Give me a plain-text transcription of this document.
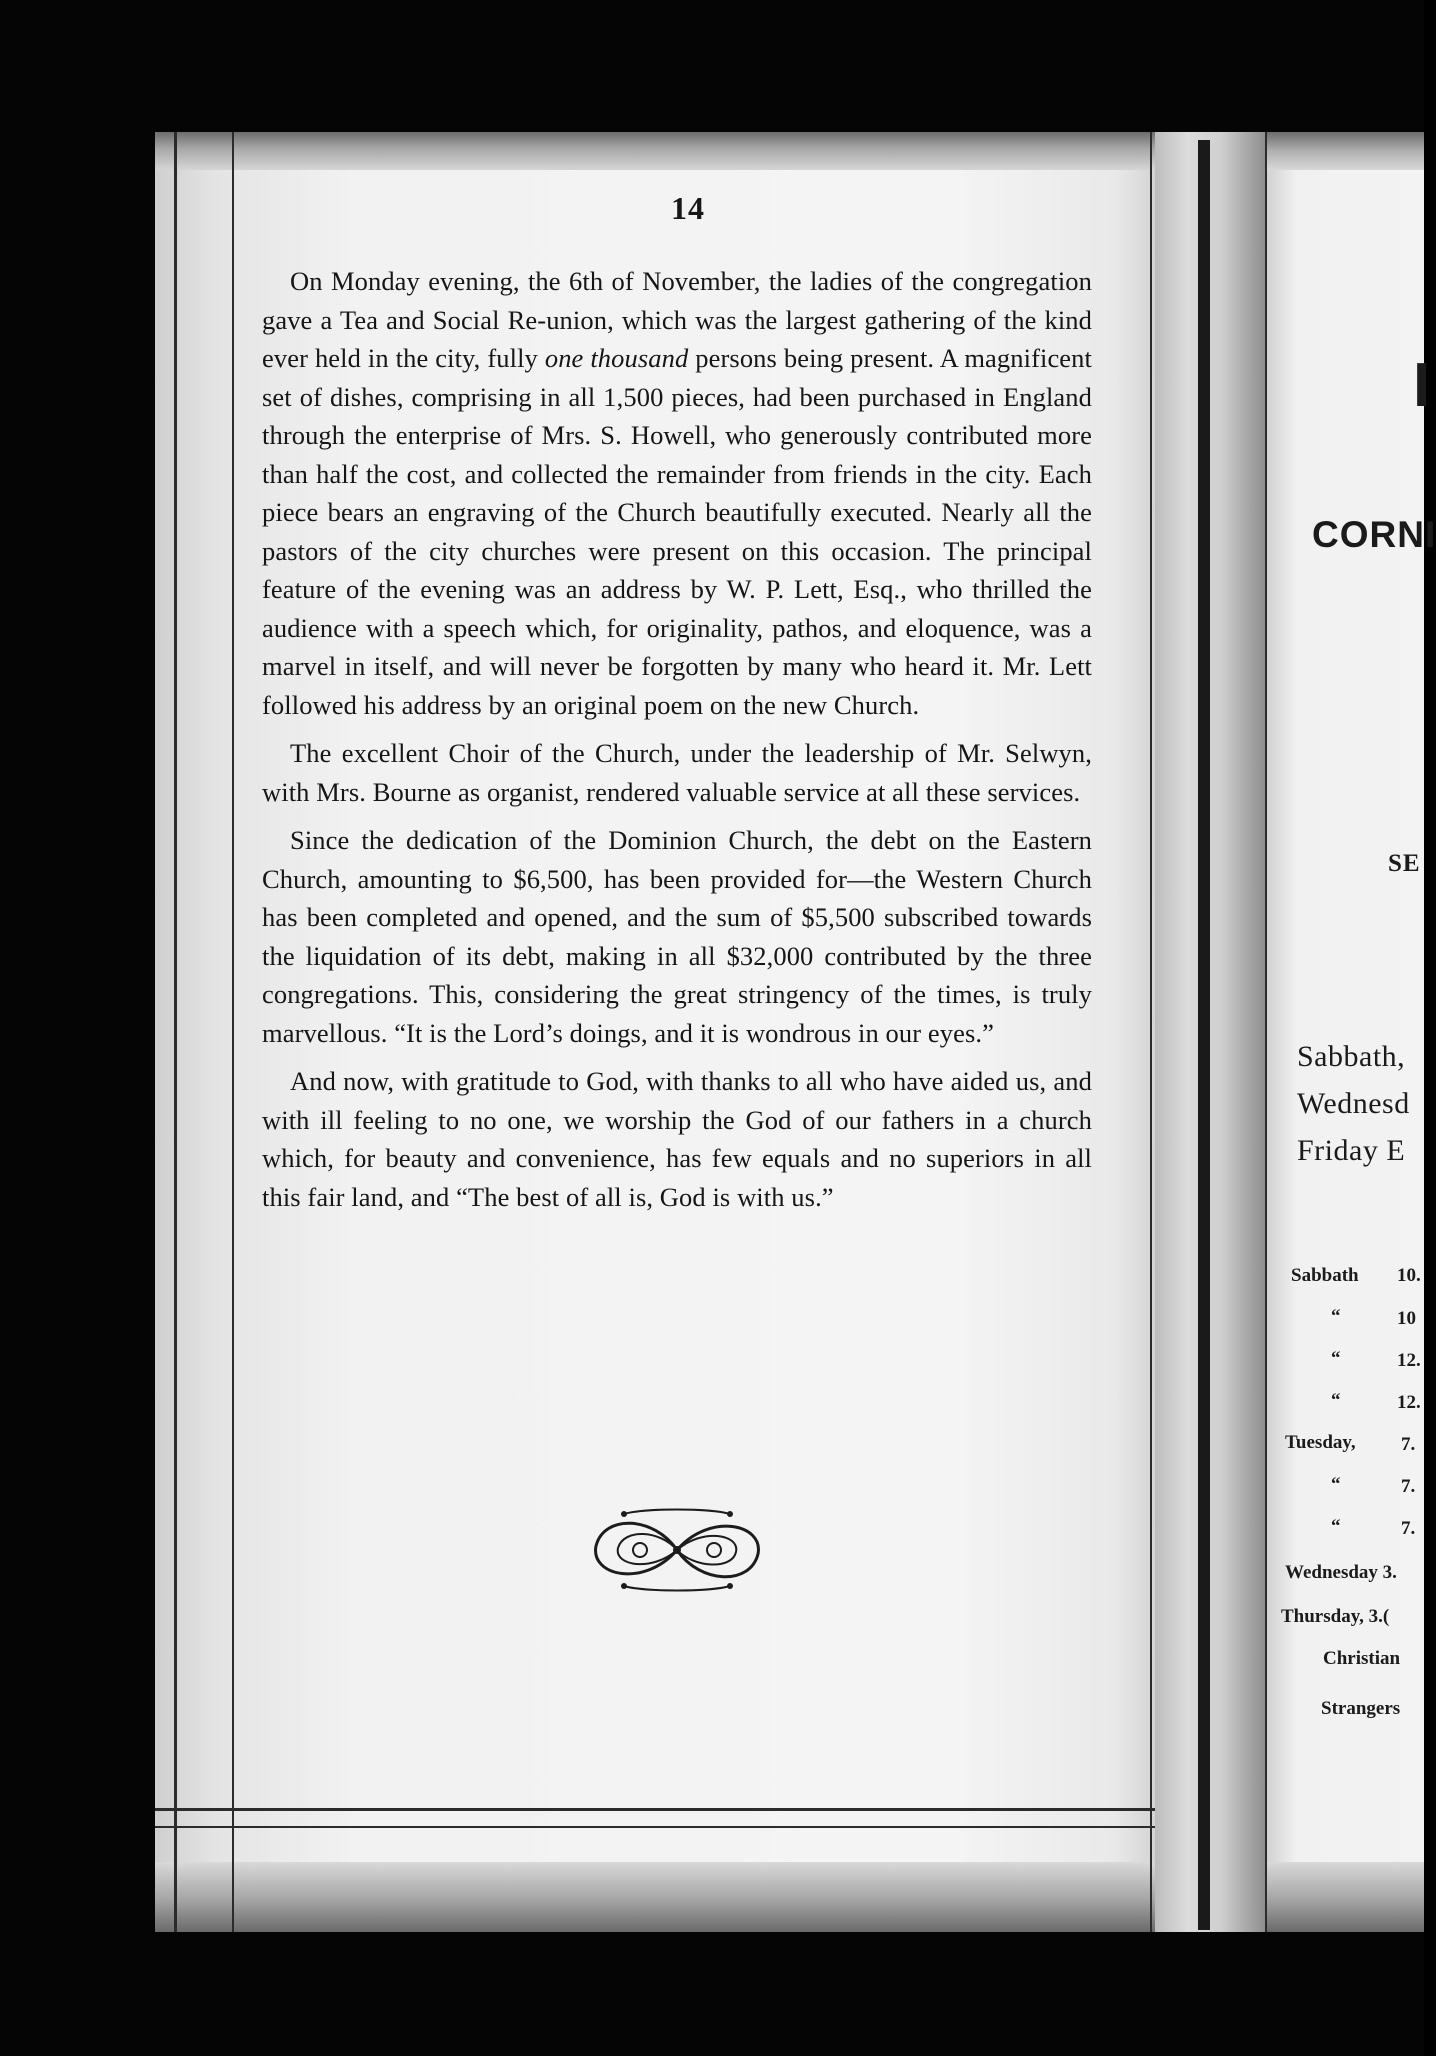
I
CORNI
SE
Sabbath,
Wednesd
Friday E
Sabbath 10.
“	10
“	12.
“	12.
Tuesday, 7.
“	7.
“	7.
Wednesday 3.
Thursday, 3.(
Christian
Strangers
14

On Monday evening, the 6th of November, the ladies of the congregation gave a Tea and Social Re-union, which was the largest gathering of the kind ever held in the city, fully one thousand persons being present. A magnificent set of dishes, comprising in all 1,500 pieces, had been purchased in England through the enterprise of Mrs. S. Howell, who generously contributed more than half the cost, and collected the remainder from friends in the city. Each piece bears an engraving of the Church beautifully executed. Nearly all the pastors of the city churches were present on this occasion. The principal feature of the evening was an address by W. P. Lett, Esq., who thrilled the audience with a speech which, for originality, pathos, and eloquence, was a marvel in itself, and will never be forgotten by many who heard it. Mr. Lett followed his address by an original poem on the new Church.

The excellent Choir of the Church, under the leadership of Mr. Selwyn, with Mrs. Bourne as organist, rendered valuable service at all these services.

Since the dedication of the Dominion Church, the debt on the Eastern Church, amounting to $6,500, has been provided for—the Western Church has been completed and opened, and the sum of $5,500 subscribed towards the liquidation of its debt, making in all $32,000 contributed by the three congregations. This, considering the great stringency of the times, is truly marvellous. “It is the Lord’s doings, and it is wondrous in our eyes.”

And now, with gratitude to God, with thanks to all who have aided us, and with ill feeling to no one, we worship the God of our fathers in a church which, for beauty and convenience, has few equals and no superiors in all this fair land, and “The best of all is, God is with us.”
